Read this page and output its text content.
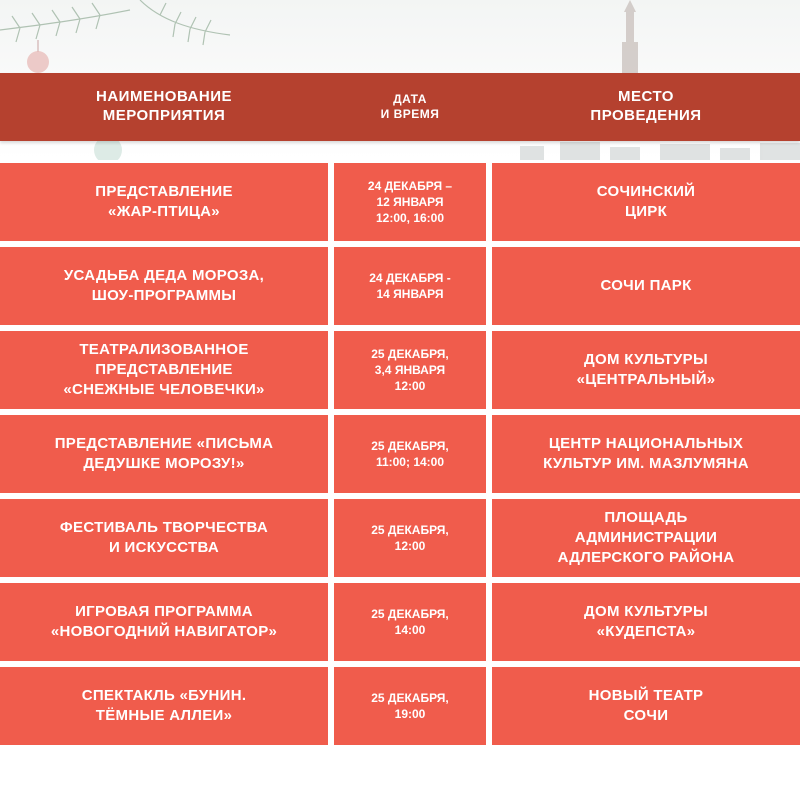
НАИМЕНОВАНИЕ
МЕРОПРИЯТИЯ
ДАТА
И ВРЕМЯ
МЕСТО
ПРОВЕДЕНИЯ
ПРЕДСТАВЛЕНИЕ
«ЖАР-ПТИЦА»
24 ДЕКАБРЯ –
12 ЯНВАРЯ
12:00, 16:00
СОЧИНСКИЙ
ЦИРК
УСАДЬБА ДЕДА МОРОЗА,
ШОУ-ПРОГРАММЫ
24 ДЕКАБРЯ -
14 ЯНВАРЯ
СОЧИ ПАРК
ТЕАТРАЛИЗОВАННОЕ
ПРЕДСТАВЛЕНИЕ
«СНЕЖНЫЕ ЧЕЛОВЕЧКИ»
25 ДЕКАБРЯ,
3,4 ЯНВАРЯ
12:00
ДОМ КУЛЬТУРЫ
«ЦЕНТРАЛЬНЫЙ»
ПРЕДСТАВЛЕНИЕ «ПИСЬМА
ДЕДУШКЕ МОРОЗУ!»
25 ДЕКАБРЯ,
11:00; 14:00
ЦЕНТР НАЦИОНАЛЬНЫХ
КУЛЬТУР ИМ. МАЗЛУМЯНА
ФЕСТИВАЛЬ ТВОРЧЕСТВА
И ИСКУССТВА
25 ДЕКАБРЯ,
12:00
ПЛОЩАДЬ
АДМИНИСТРАЦИИ
АДЛЕРСКОГО РАЙОНА
ИГРОВАЯ ПРОГРАММА
«НОВОГОДНИЙ НАВИГАТОР»
25 ДЕКАБРЯ,
14:00
ДОМ КУЛЬТУРЫ
«КУДЕПСТА»
СПЕКТАКЛЬ «БУНИН.
ТЁМНЫЕ АЛЛЕИ»
25 ДЕКАБРЯ,
19:00
НОВЫЙ ТЕАТР
СОЧИ
